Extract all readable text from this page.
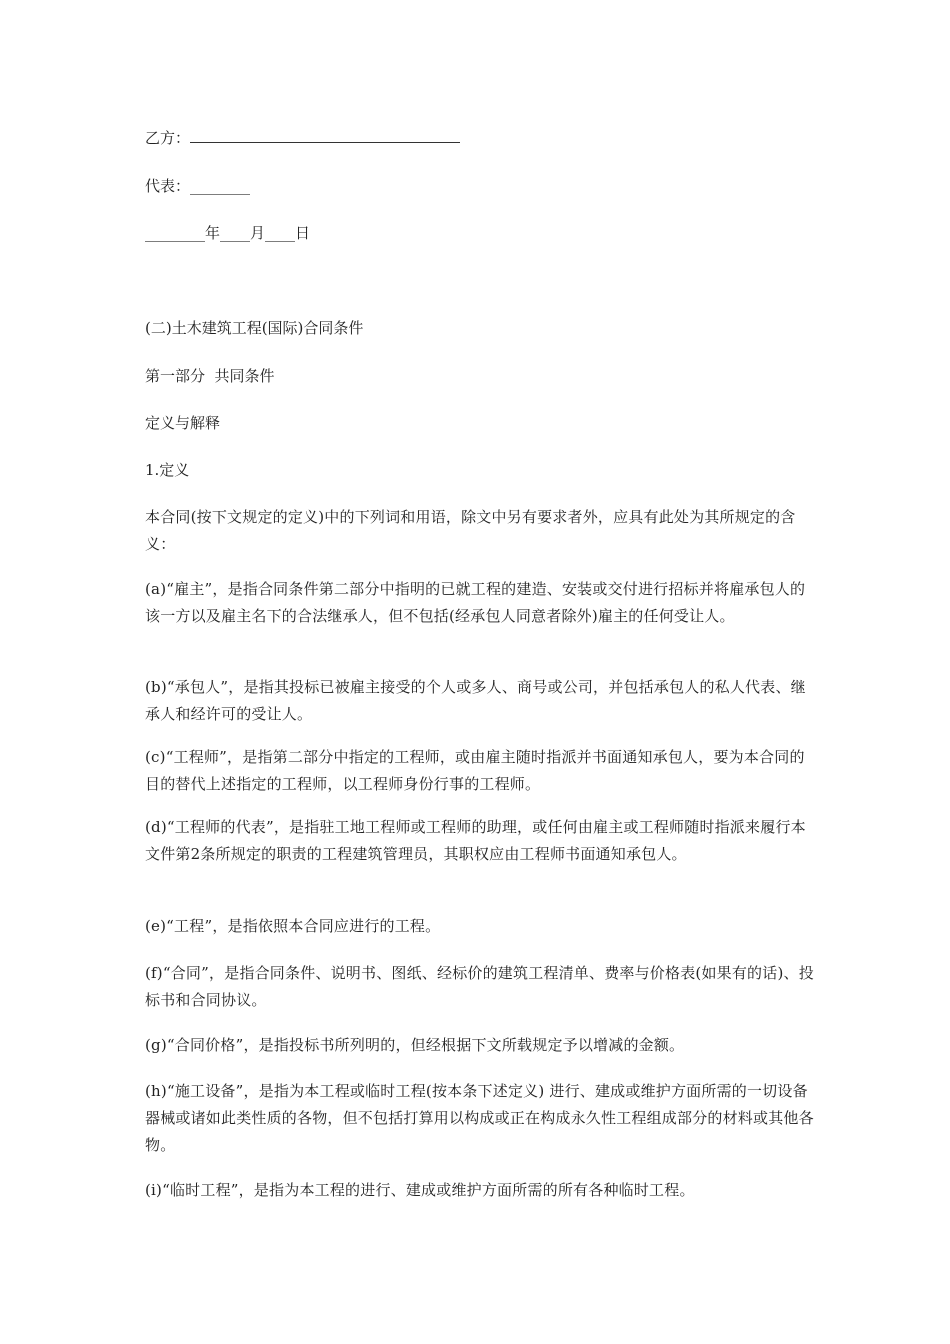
乙方：
代表：________
________年____月____日
(二)土木建筑工程(国际)合同条件
第一部分  共同条件
定义与解释
1.定义
本合同(按下文规定的定义)中的下列词和用语，除文中另有要求者外，应具有此处为其所规定的含义：
(a)“雇主”，是指合同条件第二部分中指明的已就工程的建造、安装或交付进行招标并将雇承包人的该一方以及雇主名下的合法继承人，但不包括(经承包人同意者除外)雇主的任何受让人。
(b)“承包人”，是指其投标已被雇主接受的个人或多人、商号或公司，并包括承包人的私人代表、继承人和经许可的受让人。
(c)“工程师”，是指第二部分中指定的工程师，或由雇主随时指派并书面通知承包人，要为本合同的目的替代上述指定的工程师，以工程师身份行事的工程师。
(d)“工程师的代表”，是指驻工地工程师或工程师的助理，或任何由雇主或工程师随时指派来履行本文件第2条所规定的职责的工程建筑管理员，其职权应由工程师书面通知承包人。
(e)“工程”，是指依照本合同应进行的工程。
(f)“合同”，是指合同条件、说明书、图纸、经标价的建筑工程清单、费率与价格表(如果有的话)、投标书和合同协议。
(g)“合同价格”，是指投标书所列明的，但经根据下文所载规定予以增减的金额。
(h)“施工设备”，是指为本工程或临时工程(按本条下述定义) 进行、建成或维护方面所需的一切设备器械或诸如此类性质的各物，但不包括打算用以构成或正在构成永久性工程组成部分的材料或其他各物。
(i)“临时工程”，是指为本工程的进行、建成或维护方面所需的所有各种临时工程。
